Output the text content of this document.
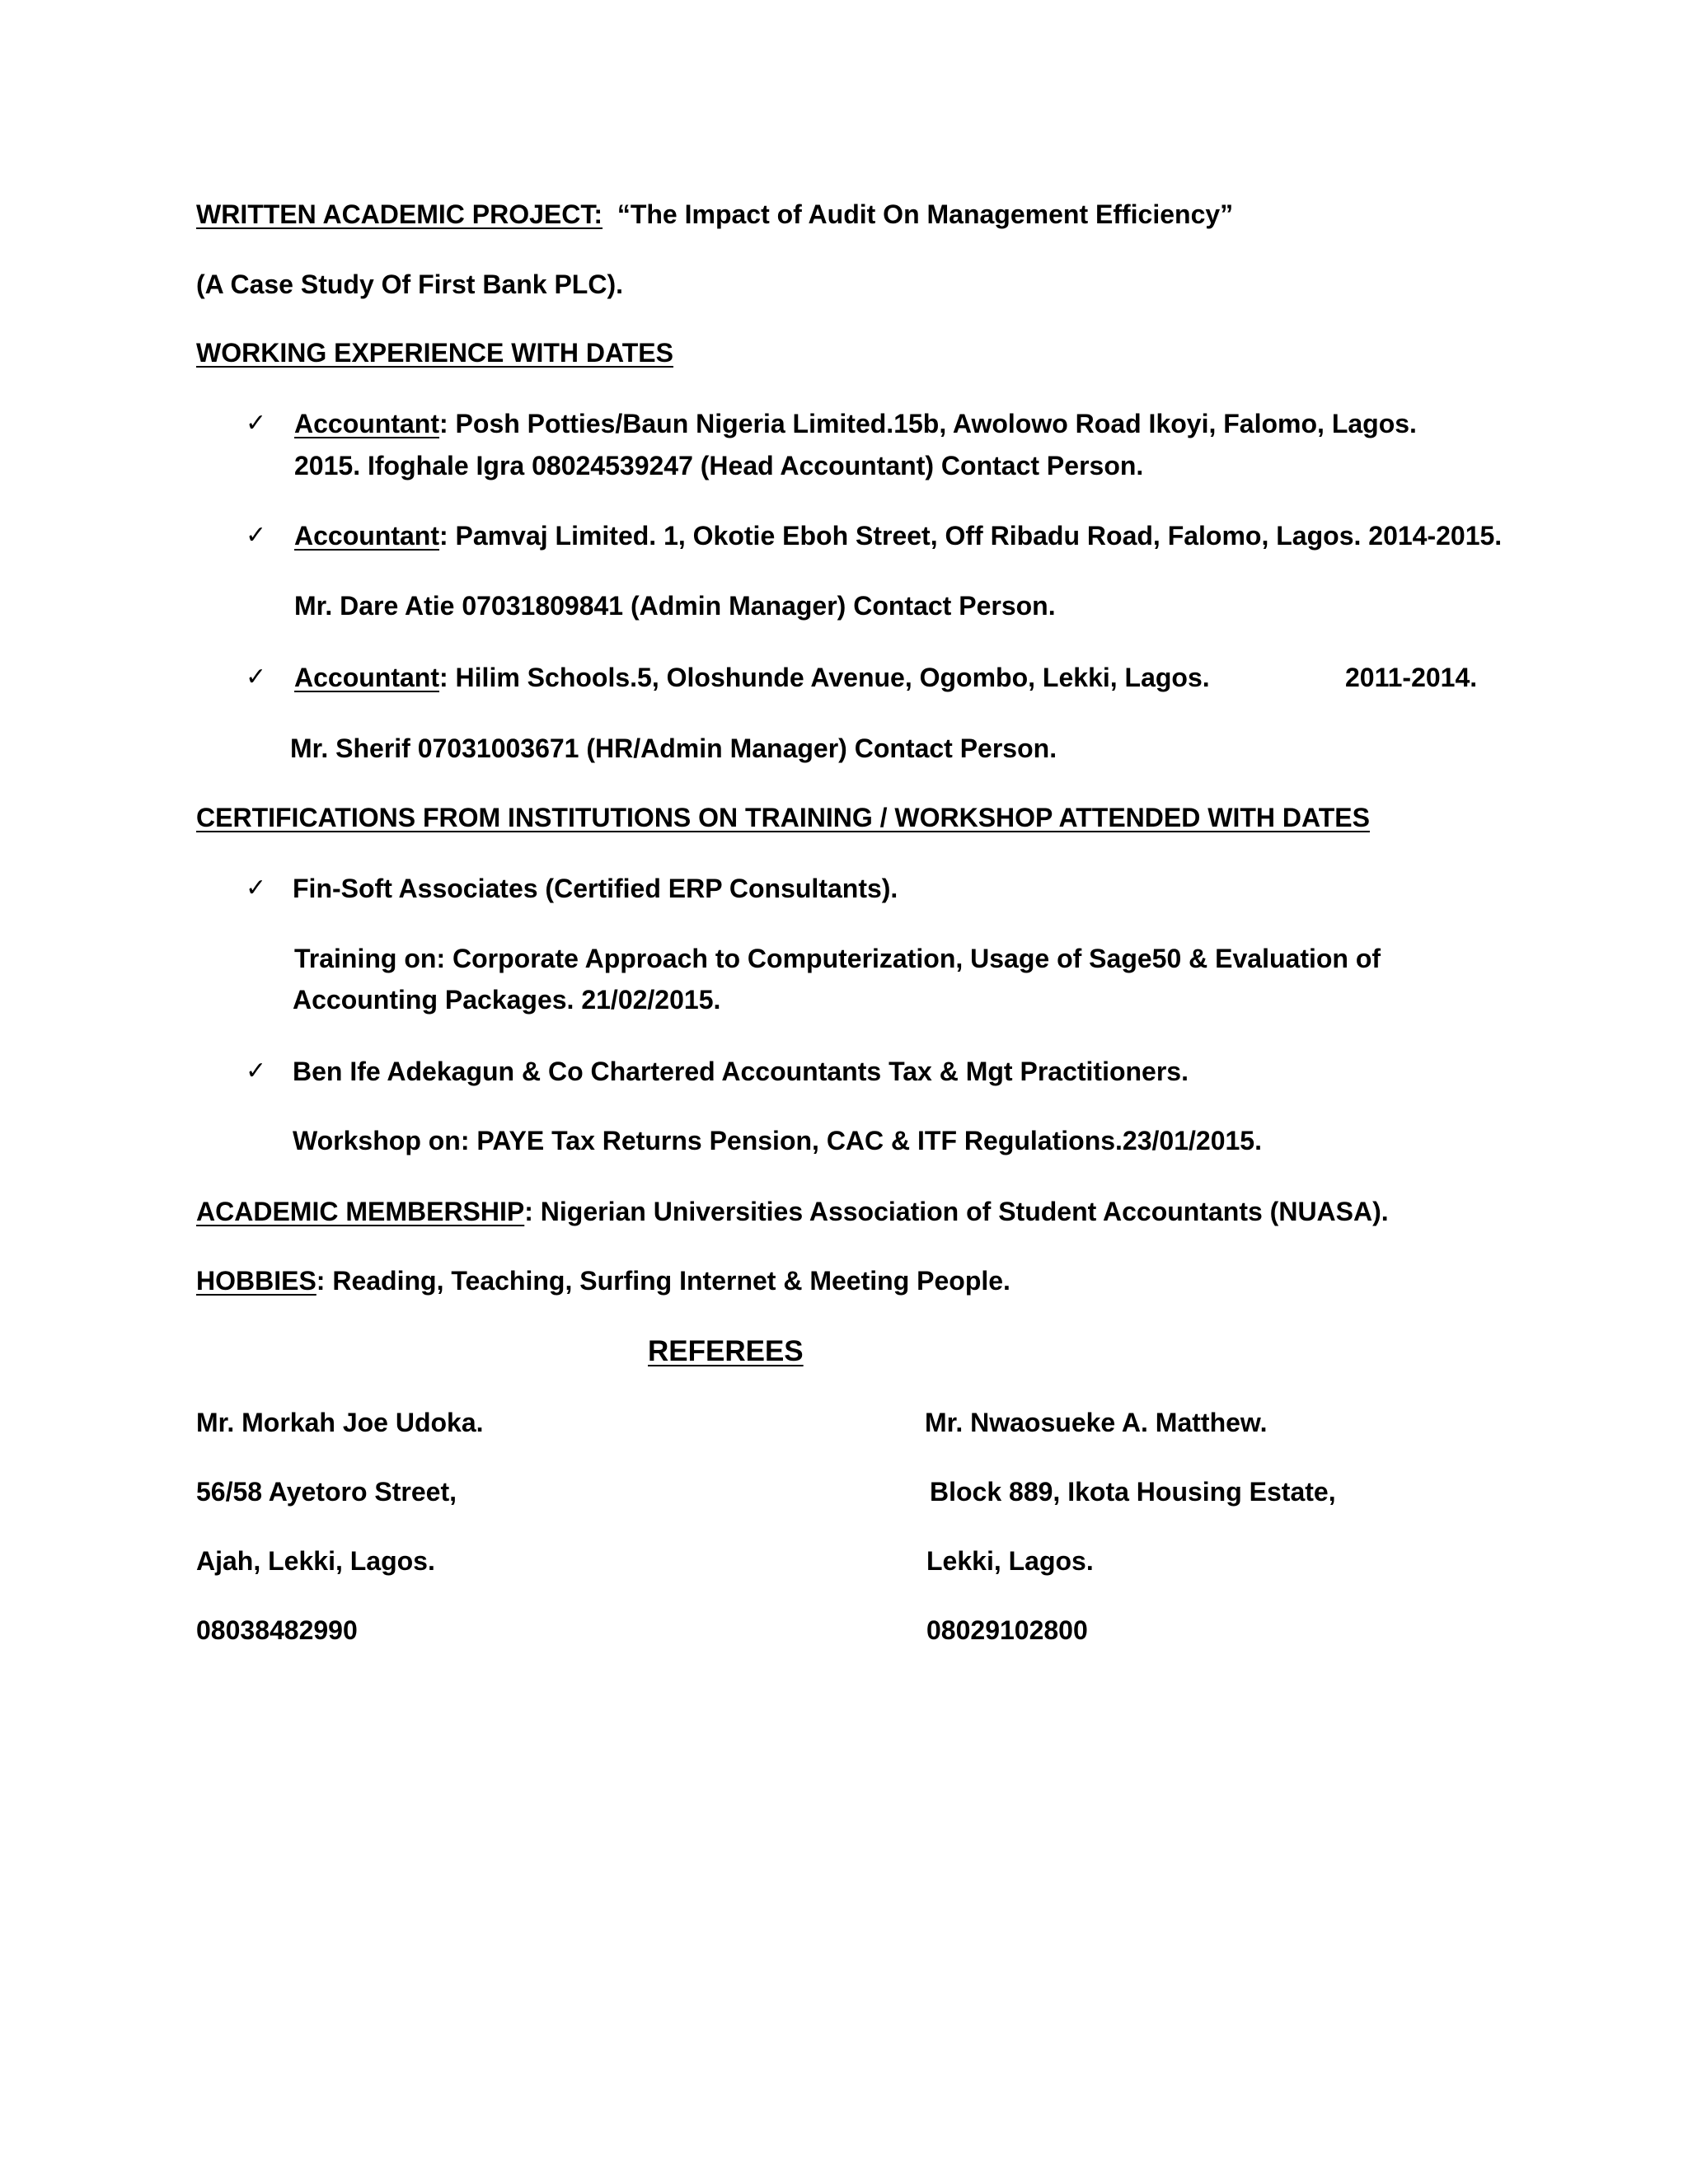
WRITTEN ACADEMIC PROJECT: “The Impact of Audit On Management Efficiency”
(A Case Study Of First Bank PLC).
WORKING EXPERIENCE WITH DATES
✓ Accountant: Posh Potties/Baun Nigeria Limited.15b, Awolowo Road Ikoyi, Falomo, Lagos.
2015. Ifoghale Igra 08024539247 (Head Accountant) Contact Person.
✓ Accountant: Pamvaj Limited. 1, Okotie Eboh Street, Off Ribadu Road, Falomo, Lagos. 2014-2015.
Mr. Dare Atie 07031809841 (Admin Manager) Contact Person.
✓ Accountant: Hilim Schools.5, Oloshunde Avenue, Ogombo, Lekki, Lagos.	2011-2014.
Mr. Sherif 07031003671 (HR/Admin Manager) Contact Person.
CERTIFICATIONS FROM INSTITUTIONS ON TRAINING / WORKSHOP ATTENDED WITH DATES
✓ Fin-Soft Associates (Certified ERP Consultants).
Training on: Corporate Approach to Computerization, Usage of Sage50 & Evaluation of
Accounting Packages. 21/02/2015.
✓ Ben Ife Adekagun & Co Chartered Accountants Tax & Mgt Practitioners.
Workshop on: PAYE Tax Returns Pension, CAC & ITF Regulations.23/01/2015.
ACADEMIC MEMBERSHIP: Nigerian Universities Association of Student Accountants (NUASA).
HOBBIES: Reading, Teaching, Surfing Internet & Meeting People.
REFEREES
Mr. Morkah Joe Udoka.
56/58 Ayetoro Street,
Ajah, Lekki, Lagos.
08038482990
Mr. Nwaosueke A. Matthew.
Block 889, Ikota Housing Estate,
Lekki, Lagos.
08029102800
